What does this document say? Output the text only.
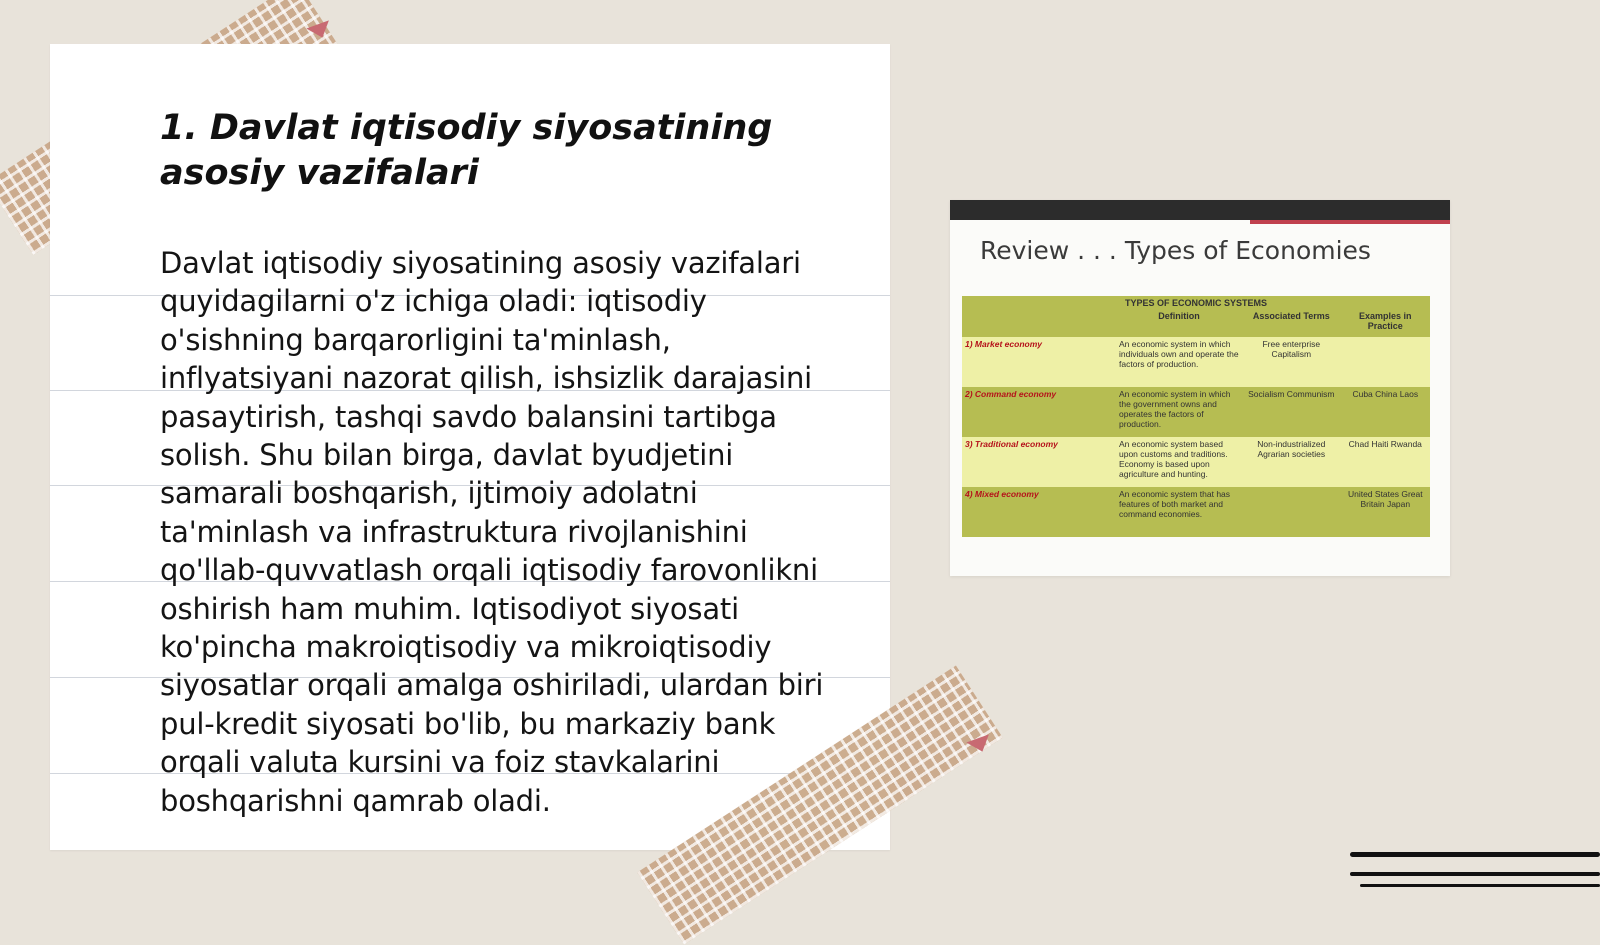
1. Davlat iqtisodiy siyosatining asosiy vazifalari

Davlat iqtisodiy siyosatining asosiy vazifalari quyidagilarni o'z ichiga oladi: iqtisodiy o'sishning barqarorligini ta'minlash, inflyatsiyani nazorat qilish, ishsizlik darajasini pasaytirish, tashqi savdo balansini tartibga solish. Shu bilan birga, davlat byudjetini samarali boshqarish, ijtimoiy adolatni ta'minlash va infrastruktura rivojlanishini qo'llab-quvvatlash orqali iqtisodiy farovonlikni oshirish ham muhim. Iqtisodiyot siyosati ko'pincha makroiqtisodiy va mikroiqtisodiy siyosatlar orqali amalga oshiriladi, ulardan biri pul-kredit siyosati bo'lib, bu markaziy bank orqali valuta kursini va foiz stavkalarini boshqarishni qamrab oladi.

Review . . . Types of Economies
TYPES OF ECONOMIC SYSTEMS			
	Definition	Associated Terms	Examples in Practice
1) Market economy	An economic system in which individuals own and operate the factors of production.	Free enterprise Capitalism	
2) Command economy	An economic system in which the government owns and operates the factors of production.	Socialism Communism	Cuba China Laos
3) Traditional economy	An economic system based upon customs and traditions. Economy is based upon agriculture and hunting.	Non-industrialized Agrarian societies	Chad Haiti Rwanda
4) Mixed economy	An economic system that has features of both market and command economies.		United States Great Britain Japan
